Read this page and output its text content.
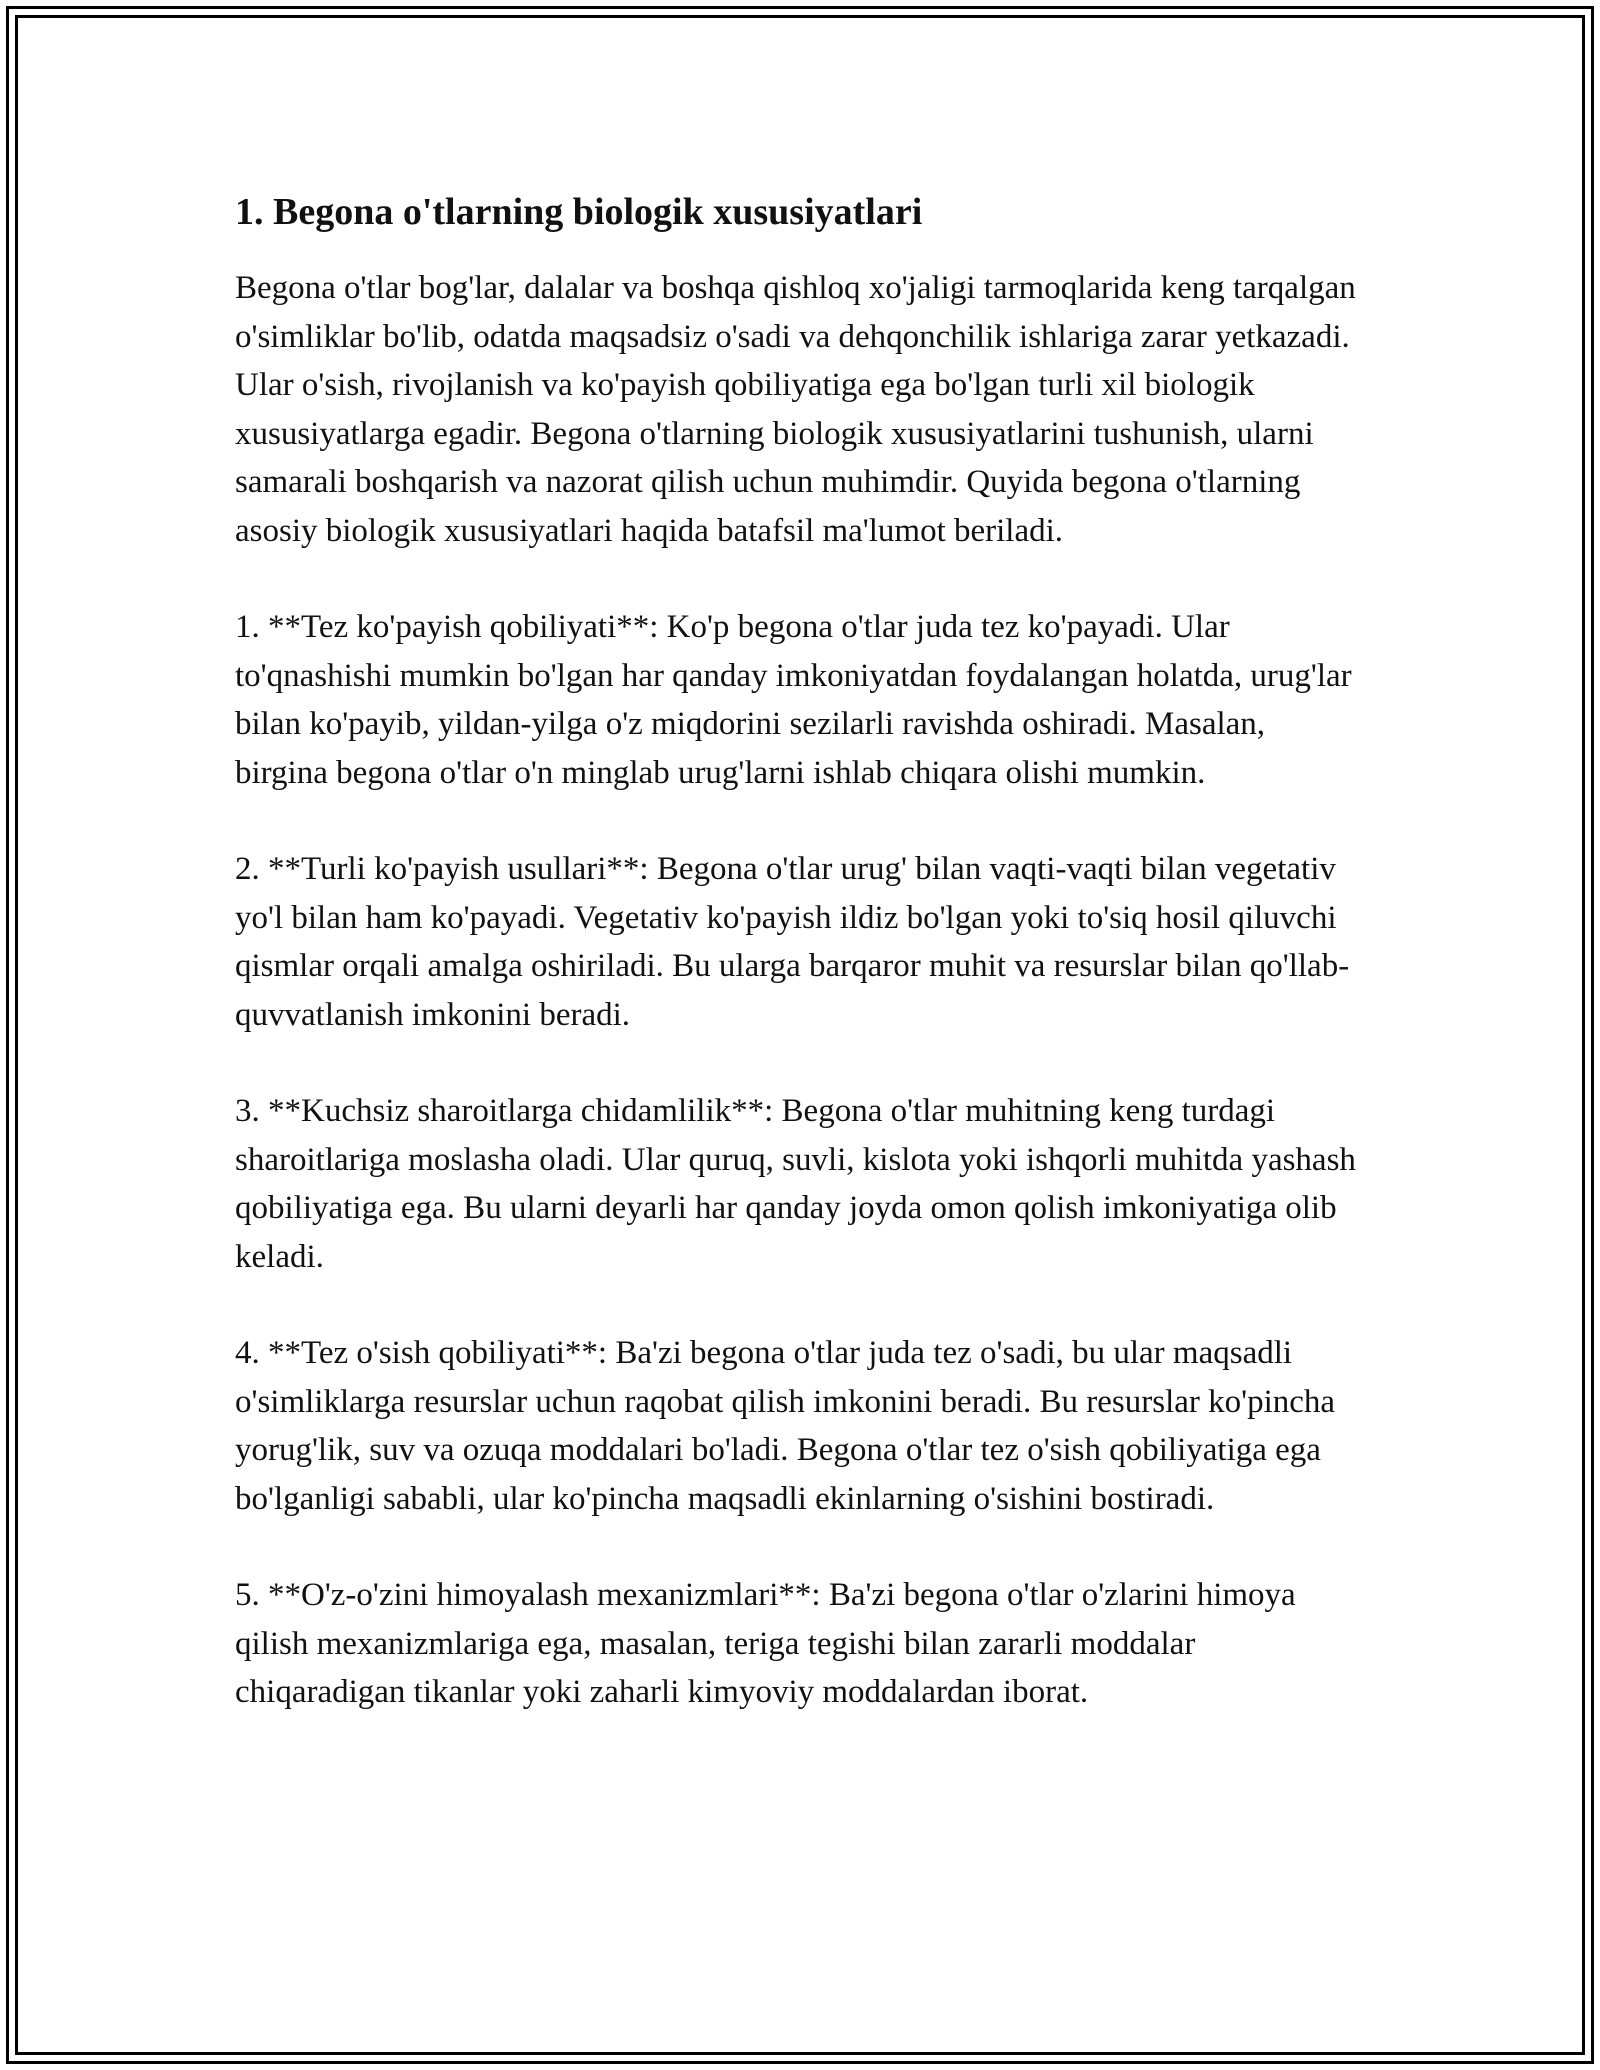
1. Begona o'tlarning biologik xususiyatlari

Begona o'tlar bog'lar, dalalar va boshqa qishloq xo'jaligi tarmoqlarida keng tarqalgan o'simliklar bo'lib, odatda maqsadsiz o'sadi va dehqonchilik ishlariga zarar yetkazadi. Ular o'sish, rivojlanish va ko'payish qobiliyatiga ega bo'lgan turli xil biologik xususiyatlarga egadir. Begona o'tlarning biologik xususiyatlarini tushunish, ularni samarali boshqarish va nazorat qilish uchun muhimdir. Quyida begona o'tlarning asosiy biologik xususiyatlari haqida batafsil ma'lumot beriladi.

1. **Tez ko'payish qobiliyati**: Ko'p begona o'tlar juda tez ko'payadi. Ular to'qnashishi mumkin bo'lgan har qanday imkoniyatdan foydalangan holatda, urug'lar bilan ko'payib, yildan-yilga o'z miqdorini sezilarli ravishda oshiradi. Masalan, birgina begona o'tlar o'n minglab urug'larni ishlab chiqara olishi mumkin.

2. **Turli ko'payish usullari**: Begona o'tlar urug' bilan vaqti-vaqti bilan vegetativ yo'l bilan ham ko'payadi. Vegetativ ko'payish ildiz bo'lgan yoki to'siq hosil qiluvchi qismlar orqali amalga oshiriladi. Bu ularga barqaror muhit va resurslar bilan qo'llab-quvvatlanish imkonini beradi.

3. **Kuchsiz sharoitlarga chidamlilik**: Begona o'tlar muhitning keng turdagi sharoitlariga moslasha oladi. Ular quruq, suvli, kislota yoki ishqorli muhitda yashash qobiliyatiga ega. Bu ularni deyarli har qanday joyda omon qolish imkoniyatiga olib keladi.

4. **Tez o'sish qobiliyati**: Ba'zi begona o'tlar juda tez o'sadi, bu ular maqsadli o'simliklarga resurslar uchun raqobat qilish imkonini beradi. Bu resurslar ko'pincha yorug'lik, suv va ozuqa moddalari bo'ladi. Begona o'tlar tez o'sish qobiliyatiga ega bo'lganligi sababli, ular ko'pincha maqsadli ekinlarning o'sishini bostiradi.

5. **O'z-o'zini himoyalash mexanizmlari**: Ba'zi begona o'tlar o'zlarini himoya qilish mexanizmlariga ega, masalan, teriga tegishi bilan zararli moddalar chiqaradigan tikanlar yoki zaharli kimyoviy moddalardan iborat.
